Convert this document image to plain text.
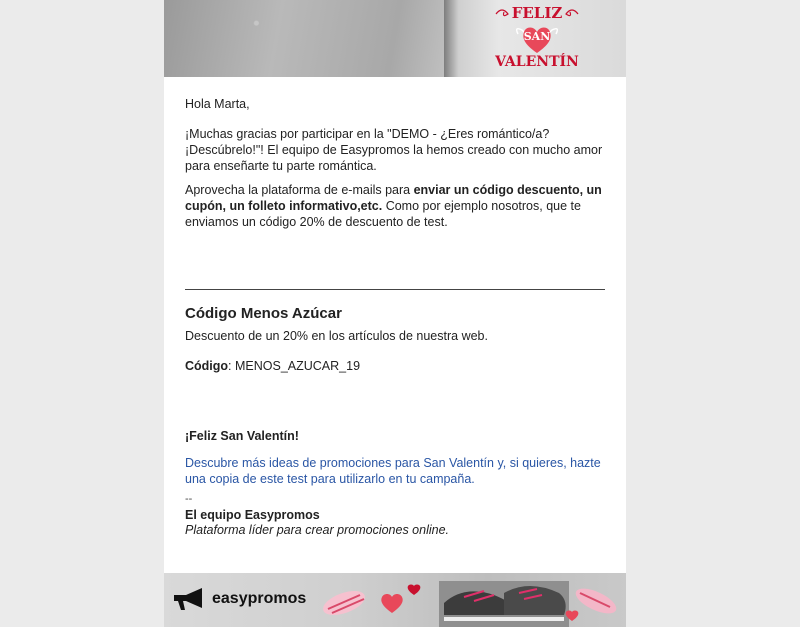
FELIZ
SAN
VALENTÍN

Hola Marta,

¡Muchas gracias por participar en la "DEMO - ¿Eres romántico/a? ¡Descúbrelo!"! El equipo de Easypromos la hemos creado con mucho amor para enseñarte tu parte romántica.

Aprovecha la plataforma de e-mails para enviar un código descuento, un cupón, un folleto informativo,etc. Como por ejemplo nosotros, que te enviamos un código 20% de descuento de test.

Código Menos Azúcar
Descuento de un 20% en los artículos de nuestra web.
Código: MENOS_AZUCAR_19
¡Feliz San Valentín!
Descubre más ideas de promociones para San Valentín y, si quieres, hazte una copia de este test para utilizarlo en tu campaña.
--
El equipo Easypromos
Plataforma líder para crear promociones online.
easypromos
